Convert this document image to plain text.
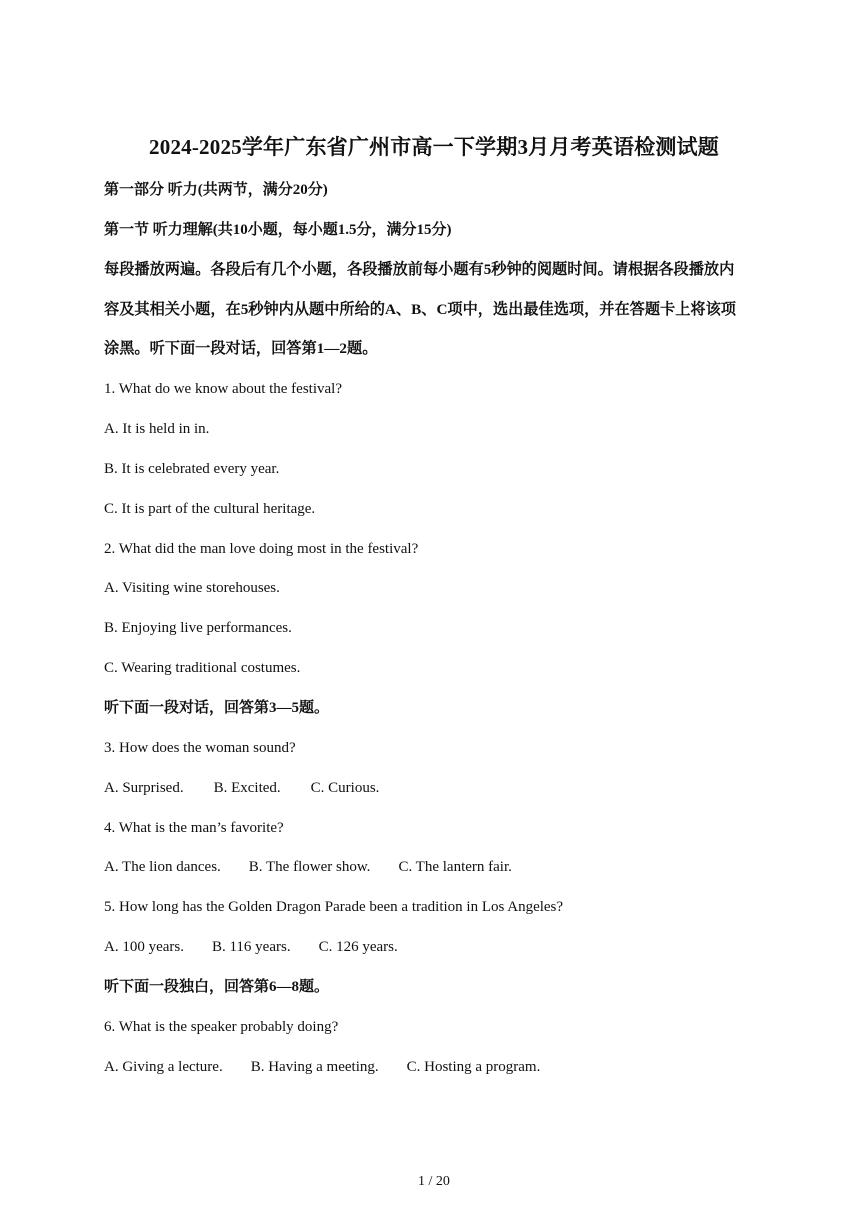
2024-2025学年广东省广州市高一下学期3月月考英语检测试题
第一部分 听力(共两节，满分20分)
第一节 听力理解(共10小题，每小题1.5分，满分15分)
每段播放两遍。各段后有几个小题，各段播放前每小题有5秒钟的阅题时间。请根据各段播放内
容及其相关小题，在5秒钟内从题中所给的A、B、C项中，选出最佳选项，并在答题卡上将该项
涂黑。听下面一段对话，回答第1—2题。
1. What do we know about the festival?
A. It is held in in.
B. It is celebrated every year.
C. It is part of the cultural heritage.
2. What did the man love doing most in the festival?
A. Visiting wine storehouses.
B. Enjoying live performances.
C. Wearing traditional costumes.
听下面一段对话，回答第3—5题。
3. How does the woman sound?
A. Surprised. B. Excited. C. Curious.
4. What is the man’s favorite?
A. The lion dances. B. The flower show. C. The lantern fair.
5. How long has the Golden Dragon Parade been a tradition in Los Angeles?
A. 100 years. B. 116 years. C. 126 years.
听下面一段独白，回答第6—8题。
6. What is the speaker probably doing?
A. Giving a lecture. B. Having a meeting. C. Hosting a program.
1 / 20
